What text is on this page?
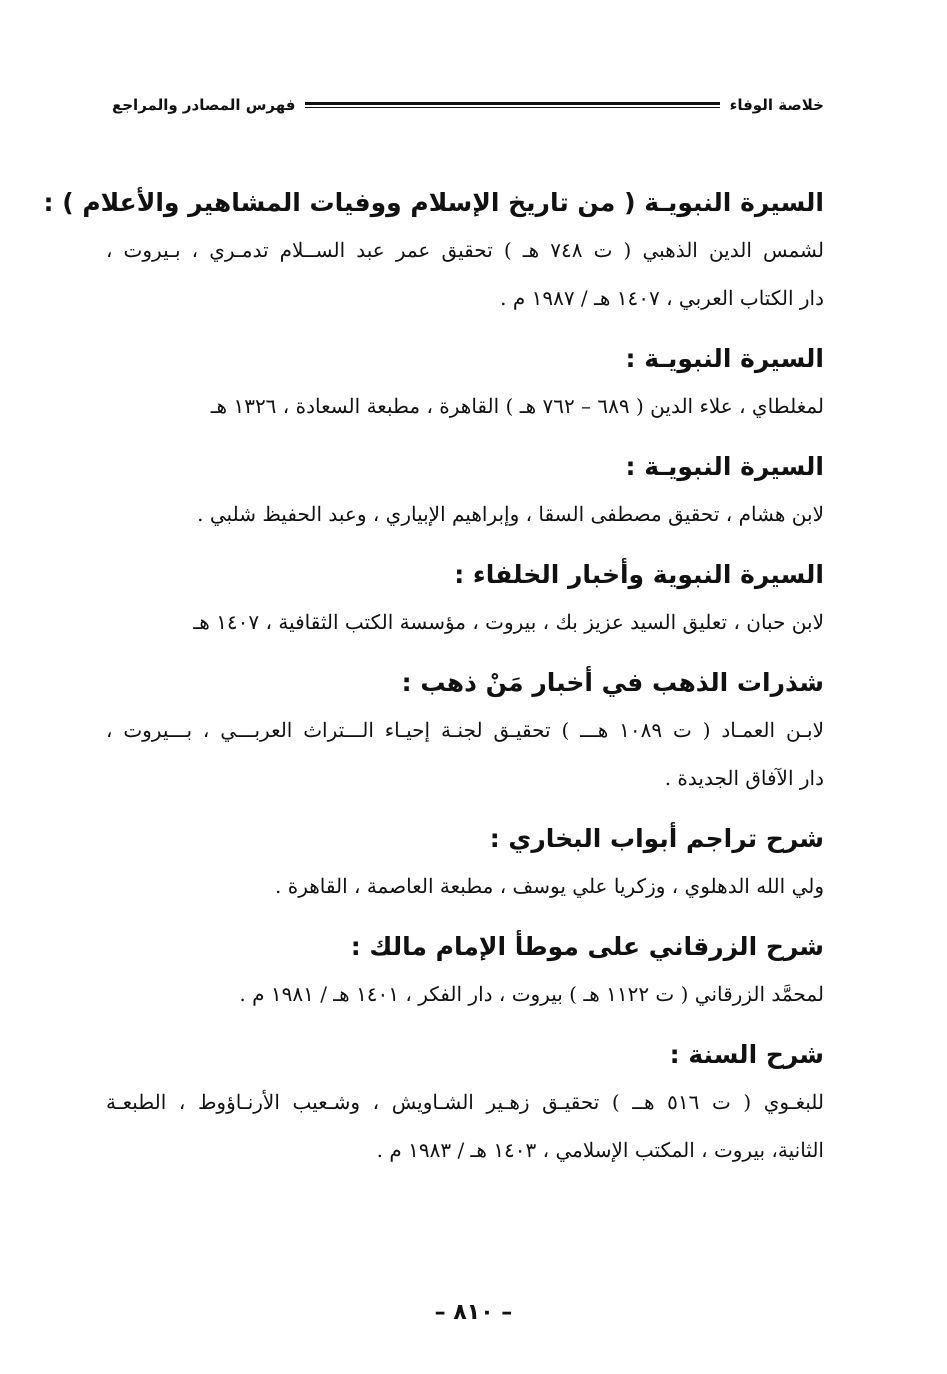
خلاصة الوفاء
فهرس المصادر والمراجع

السيرة النبويـة ( من تاريخ الإسلام ووفيات المشاهير والأعلام ) :

لشمس الدين الذهبي ( ت ٧٤٨ هـ ) تحقيق عمر عبد الســلام تدمـري ، بـيروت ،

دار الكتاب العربي ، ١٤٠٧ هـ / ١٩٨٧ م .

السيرة النبويـة :

لمغلطاي ، علاء الدين ( ٦٨٩ – ٧٦٢ هـ ) القاهرة ، مطبعة السعادة ، ١٣٢٦ هـ

السيرة النبويـة :

لابن هشام ، تحقيق مصطفى السقا ، وإبراهيم الإبياري ، وعبد الحفيظ شلبي .

السيرة النبوية وأخبار الخلفاء :

لابن حبان ، تعليق السيد عزيز بك ، بيروت ، مؤسسة الكتب الثقافية ، ١٤٠٧ هـ

شذرات الذهب في أخبار مَنْ ذهب :

لابـن العمـاد ( ت ١٠٨٩ هـــ ) تحقيـق لجنـة إحيـاء الـــتراث العربـــي ، بـــيروت ،

دار الآفاق الجديدة .

شرح تراجم أبواب البخاري :

ولي الله الدهلوي ، وزكريا علي يوسف ، مطبعة العاصمة ، القاهرة .

شرح الزرقاني على موطأ الإمام مالك :

لمحمَّد الزرقاني ( ت ١١٢٢ هـ ) بيروت ، دار الفكر ، ١٤٠١ هـ / ١٩٨١ م .

شرح السنة :

للبغـوي ( ت ٥١٦ هــ ) تحقيـق زهـير الشـاويش ، وشـعيب الأرنـاؤوط ، الطبعـة

الثانية، بيروت ، المكتب الإسلامي ، ١٤٠٣ هـ / ١٩٨٣ م .

– ٨١٠ –
